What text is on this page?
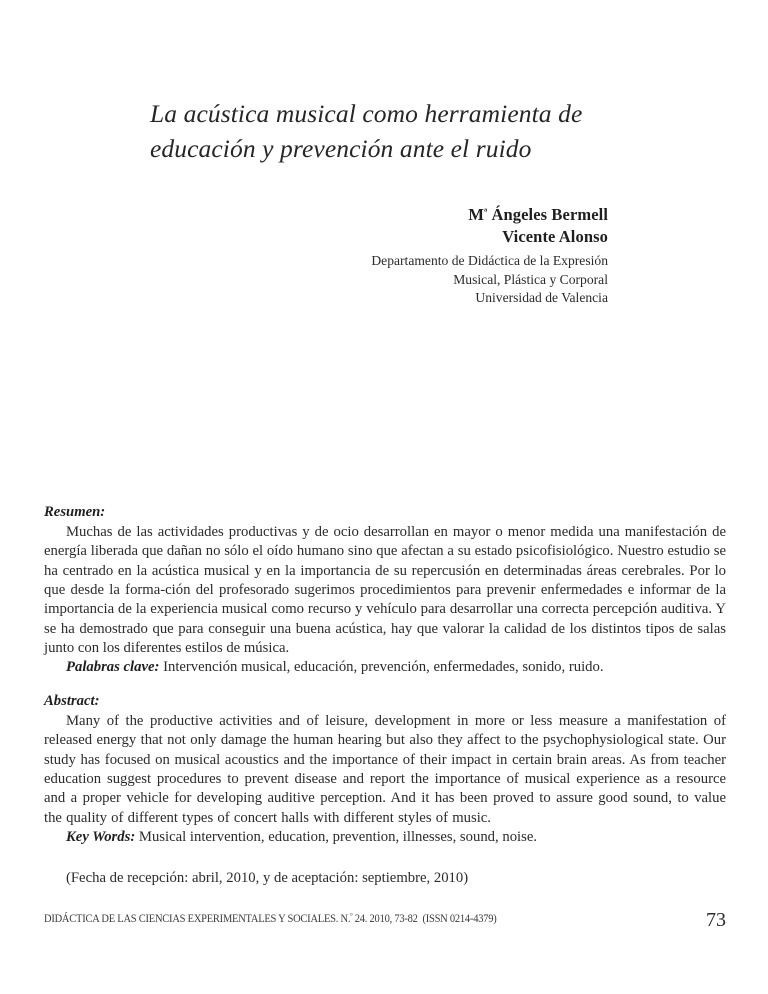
La acústica musical como herramienta de
educación y prevención ante el ruido
$M^ª$ Ángeles Bermell
Vicente Alonso
Departamento de Didáctica de la Expresión
Musical, Plástica y Corporal
Universidad de Valencia
Resumen:

Muchas de las actividades productivas y de ocio desarrollan en mayor o menor medida una manifestación de energía liberada que dañan no sólo el oído humano sino que afectan a su estado psicofisiológico. Nuestro estudio se ha centrado en la acústica musical y en la importancia de su repercusión en determinadas áreas cerebrales. Por lo que desde la forma-ción del profesorado sugerimos procedimientos para prevenir enfermedades e informar de la importancia de la experiencia musical como recurso y vehículo para desarrollar una correcta percepción auditiva. Y se ha demostrado que para conseguir una buena acústica, hay que valorar la calidad de los distintos tipos de salas junto con los diferentes estilos de música.

Palabras clave: Intervención musical, educación, prevención, enfermedades, sonido, ruido.

Abstract:

Many of the productive activities and of leisure, development in more or less measure a manifestation of released energy that not only damage the human hearing but also they affect to the psychophysiological state. Our study has focused on musical acoustics and the importance of their impact in certain brain areas. As from teacher education suggest procedures to prevent disease and report the importance of musical experience as a resource and a proper vehicle for developing auditive perception. And it has been proved to assure good sound, to value the quality of different types of concert halls with different styles of music.

Key Words: Musical intervention, education, prevention, illnesses, sound, noise.

(Fecha de recepción: abril, 2010, y de aceptación: septiembre, 2010)

DIDÁCTICA DE LAS CIENCIAS EXPERIMENTALES Y SOCIALES. N.$^º$ 24. 2010, 73-82 (ISSN 0214-4379)	73
